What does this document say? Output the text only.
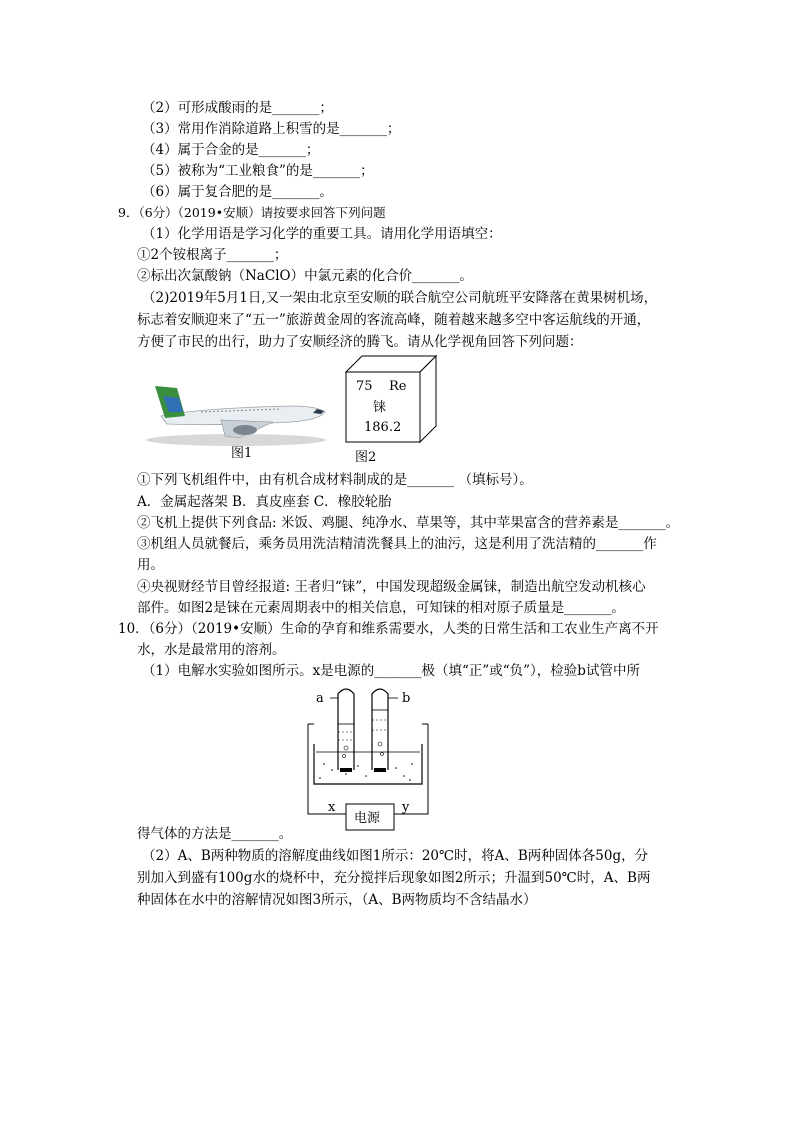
（2）可形成酸雨的是_______；
（3）常用作消除道路上积雪的是_______；
（4）属于合金的是_______；
（5）被称为“工业粮食”的是_______；
（6）属于复合肥的是_______。
9．（6分）（2019•安顺）请按要求回答下列问题
（1）化学用语是学习化学的重要工具。请用化学用语填空：
①2个铵根离子_______；
②标出次氯酸钠（NaClO）中氯元素的化合价_______。
（2)2019年5月1日,又一架由北京至安顺的联合航空公司航班平安降落在黄果树机场，
标志着安顺迎来了“五一”旅游黄金周的客流高峰，随着越来越多空中客运航线的开通，
方便了市民的出行，助力了安顺经济的腾飞。请从化学视角回答下列问题：
图1
75 Re
铼
186.2
图2
①下列飞机组件中，由有机合成材料制成的是_______ （填标号）。
A．金属起落架 B．真皮座套 C．橡胶轮胎
②飞机上提供下列食品: 米饭、鸡腿、纯净水、草果等，其中苹果富含的营养素是_______。
③机组人员就餐后，乘务员用洗洁精清洗餐具上的油污，这是利用了洗洁精的_______作
用。
④央视财经节目曾经报道: 王者归“铼”，中国发现超级金属铼，制造出航空发动机核心
部件。如图2是铼在元素周期表中的相关信息，可知铼的相对原子质量是_______。
10．（6分）（2019•安顺）生命的孕育和维系需要水，人类的日常生活和工农业生产离不开
水，水是最常用的溶剂。
（1）电解水实验如图所示。x是电源的_______极（填“正”或“负”），检验b试管中所
a	b
x	y
电源
得气体的方法是_______。
（2）A、B两种物质的溶解度曲线如图1所示：20℃时，将A、B两种固体各50g，分
别加入到盛有100g水的烧杯中，充分搅拌后现象如图2所示；升温到50℃时，A、B两
种固体在水中的溶解情况如图3所示，（A、B两物质均不含结晶水）
